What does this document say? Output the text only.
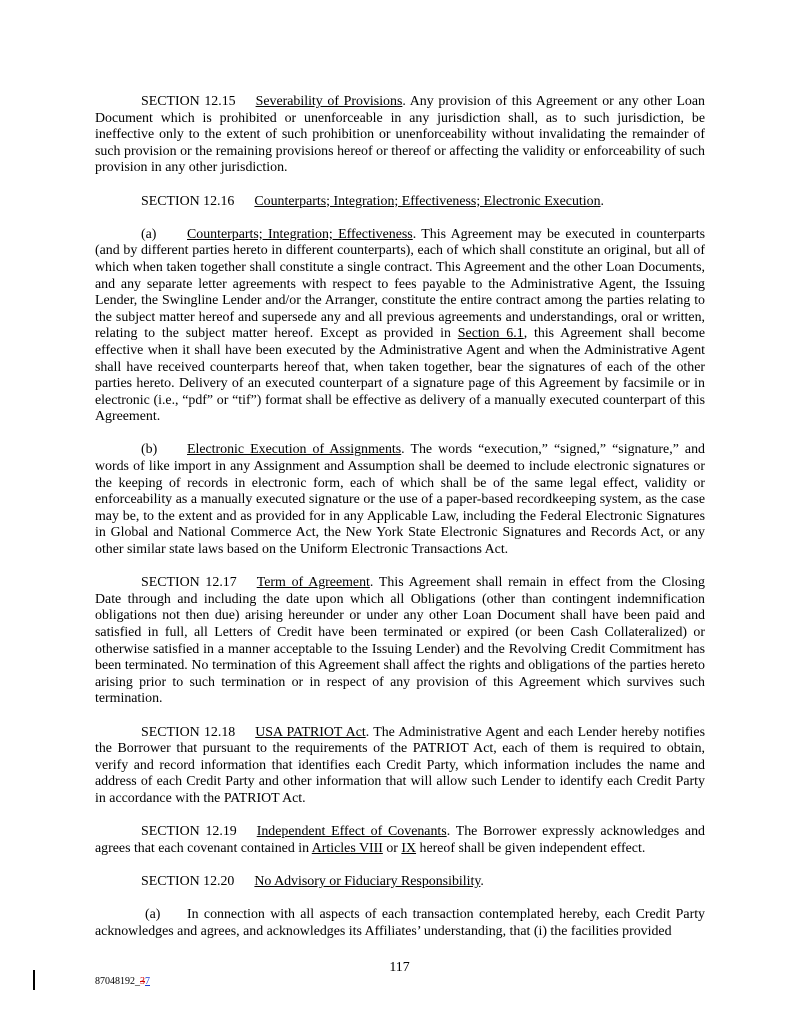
SECTION 12.15 Severability of Provisions. Any provision of this Agreement or any other Loan Document which is prohibited or unenforceable in any jurisdiction shall, as to such jurisdiction, be ineffective only to the extent of such prohibition or unenforceability without invalidating the remainder of such provision or the remaining provisions hereof or thereof or affecting the validity or enforceability of such provision in any other jurisdiction.

SECTION 12.16 Counterparts; Integration; Effectiveness; Electronic Execution.

(a) Counterparts; Integration; Effectiveness. This Agreement may be executed in counterparts (and by different parties hereto in different counterparts), each of which shall constitute an original, but all of which when taken together shall constitute a single contract. This Agreement and the other Loan Documents, and any separate letter agreements with respect to fees payable to the Administrative Agent, the Issuing Lender, the Swingline Lender and/or the Arranger, constitute the entire contract among the parties relating to the subject matter hereof and supersede any and all previous agreements and understandings, oral or written, relating to the subject matter hereof. Except as provided in Section 6.1, this Agreement shall become effective when it shall have been executed by the Administrative Agent and when the Administrative Agent shall have received counterparts hereof that, when taken together, bear the signatures of each of the other parties hereto. Delivery of an executed counterpart of a signature page of this Agreement by facsimile or in electronic (i.e., “pdf” or “tif”) format shall be effective as delivery of a manually executed counterpart of this Agreement.

(b) Electronic Execution of Assignments. The words “execution,” “signed,” “signature,” and words of like import in any Assignment and Assumption shall be deemed to include electronic signatures or the keeping of records in electronic form, each of which shall be of the same legal effect, validity or enforceability as a manually executed signature or the use of a paper-based recordkeeping system, as the case may be, to the extent and as provided for in any Applicable Law, including the Federal Electronic Signatures in Global and National Commerce Act, the New York State Electronic Signatures and Records Act, or any other similar state laws based on the Uniform Electronic Transactions Act.

SECTION 12.17 Term of Agreement. This Agreement shall remain in effect from the Closing Date through and including the date upon which all Obligations (other than contingent indemnification obligations not then due) arising hereunder or under any other Loan Document shall have been paid and satisfied in full, all Letters of Credit have been terminated or expired (or been Cash Collateralized) or otherwise satisfied in a manner acceptable to the Issuing Lender) and the Revolving Credit Commitment has been terminated. No termination of this Agreement shall affect the rights and obligations of the parties hereto arising prior to such termination or in respect of any provision of this Agreement which survives such termination.

SECTION 12.18 USA PATRIOT Act. The Administrative Agent and each Lender hereby notifies the Borrower that pursuant to the requirements of the PATRIOT Act, each of them is required to obtain, verify and record information that identifies each Credit Party, which information includes the name and address of each Credit Party and other information that will allow such Lender to identify each Credit Party in accordance with the PATRIOT Act.

SECTION 12.19 Independent Effect of Covenants. The Borrower expressly acknowledges and agrees that each covenant contained in Articles VIII or IX hereof shall be given independent effect.

SECTION 12.20 No Advisory or Fiduciary Responsibility.

(a) In connection with all aspects of each transaction contemplated hereby, each Credit Party acknowledges and agrees, and acknowledges its Affiliates’ understanding, that (i) the facilities provided

117
87048192_37
